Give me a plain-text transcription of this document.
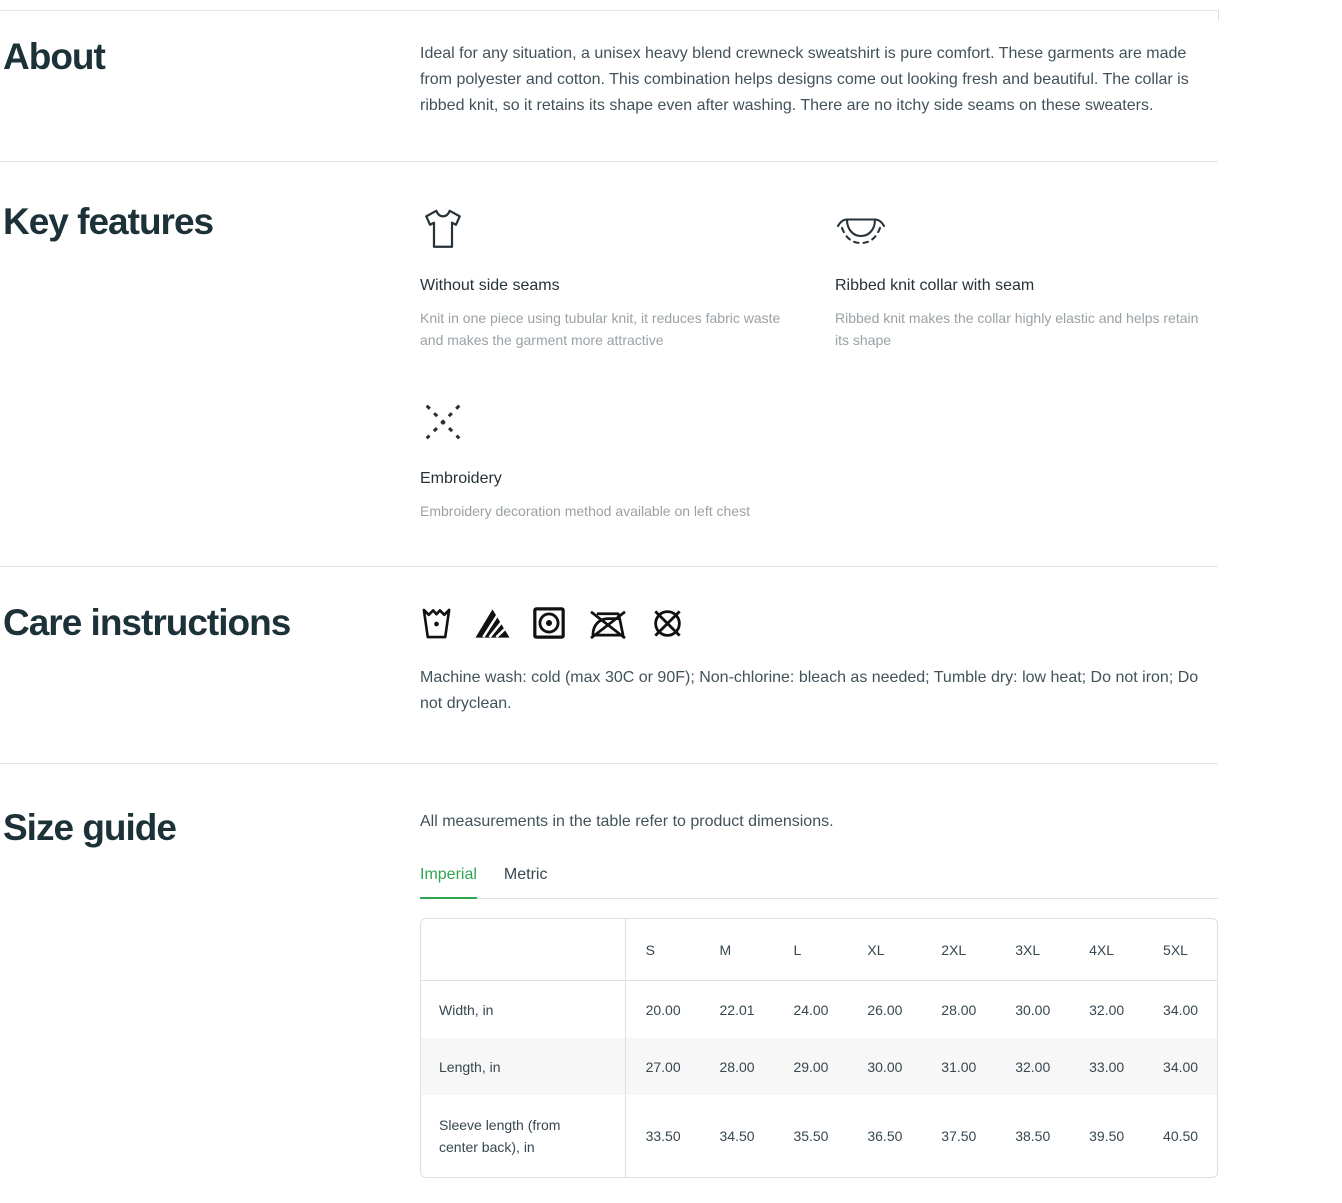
About	Ideal for any situation, a unisex heavy blend crewneck sweatshirt is pure comfort. These garments are made from polyester and cotton. This combination helps designs come out looking fresh and beautiful. The collar is ribbed knit, so it retains its shape even after washing. There are no itchy side seams on these sweaters.

Key features
Without side seams

Knit in one piece using tubular knit, it reduces fabric waste and makes the garment more attractive

Ribbed knit collar with seam

Ribbed knit makes the collar highly elastic and helps retain its shape

Embroidery

Embroidery decoration method available on left chest

Care instructions

Machine wash: cold (max 30C or 90F); Non-chlorine: bleach as needed; Tumble dry: low heat; Do not iron; Do not dryclean.

Size guide	All measurements in the table refer to product dimensions.

Imperial Metric
	S	M	L	XL	2XL	3XL	4XL	5XL
Width, in	20.00	22.01	24.00	26.00	28.00	30.00	32.00	34.00
Length, in	27.00	28.00	29.00	30.00	31.00	32.00	33.00	34.00
Sleeve length (from center back), in	33.50	34.50	35.50	36.50	37.50	38.50	39.50	40.50
